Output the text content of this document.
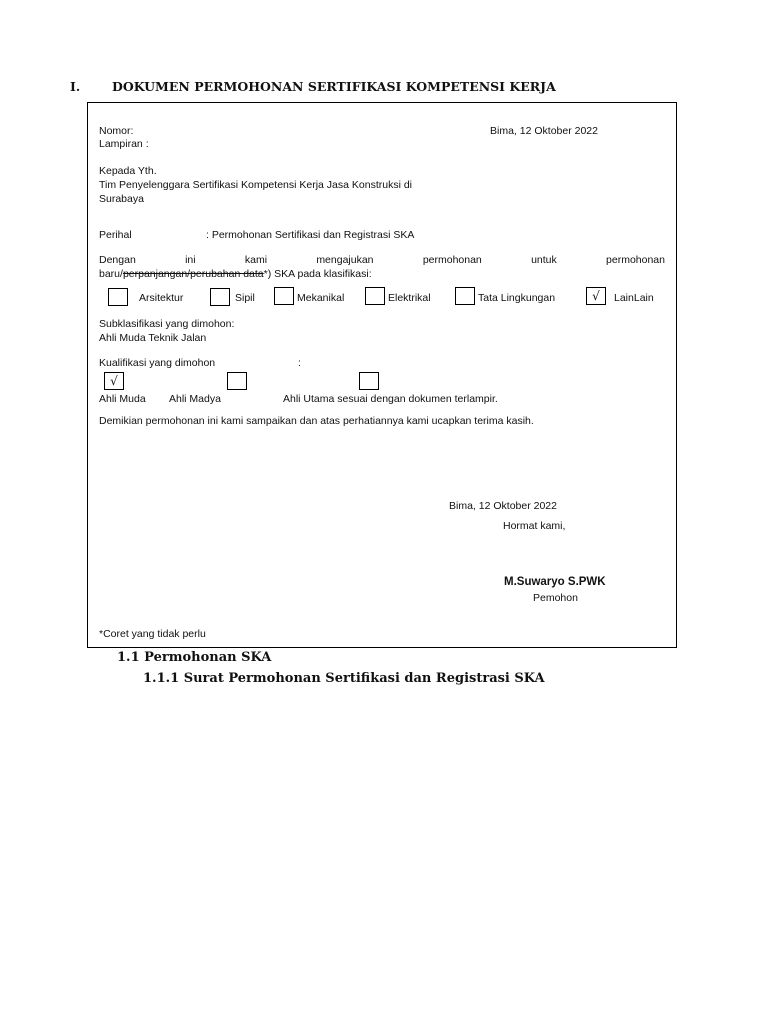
I.	DOKUMEN PERMOHONAN SERTIFIKASI KOMPETENSI KERJA
Nomor:	Bima, 12 Oktober 2022
Lampiran :
Kepada Yth.
Tim Penyelenggara Sertifikasi Kompetensi Kerja Jasa Konstruksi di
Surabaya
Perihal	: Permohonan Sertifikasi dan Registrasi SKA
Dengan	ini	kami	mengajukan	permohonan	untuk	permohonan
baru/perpanjangan/perubahan data*) SKA pada klasifikasi:
Arsitektur	Sipil	Mekanikal	Elektrikal	Tata Lingkungan	√	LainLain
Subklasifikasi yang dimohon:
Ahli Muda Teknik Jalan
Kualifikasi yang dimohon	:
√
Ahli Muda Ahli Madya	Ahli Utama sesuai dengan dokumen terlampir.
Demikian permohonan ini kami sampaikan dan atas perhatiannya kami ucapkan terima kasih.
Bima, 12 Oktober 2022
Hormat kami,
M.Suwaryo S.PWK
Pemohon
*Coret yang tidak perlu
1.1 Permohonan SKA
1.1.1 Surat Permohonan Sertifikasi dan Registrasi SKA
